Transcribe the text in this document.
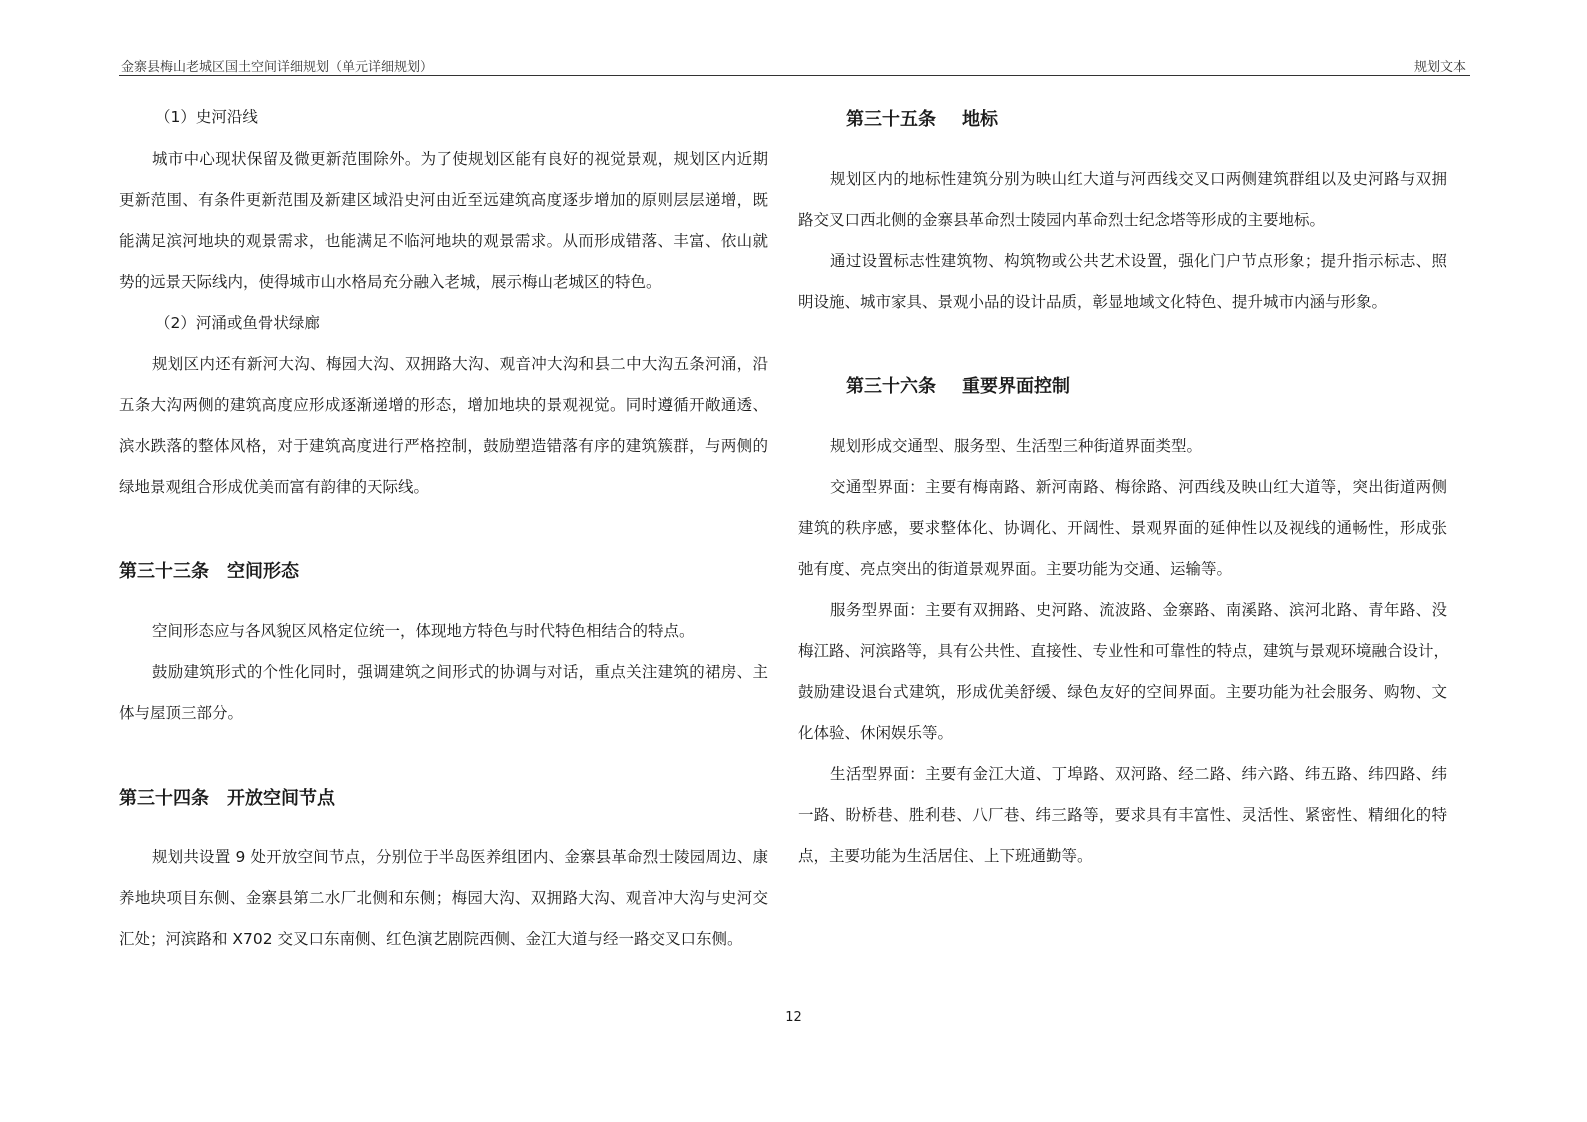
金寨县梅山老城区国土空间详细规划（单元详细规划）	规划文本
（1）史河沿线
城市中心现状保留及微更新范围除外。为了使规划区能有良好的视觉景观，规划区内近期
更新范围、有条件更新范围及新建区域沿史河由近至远建筑高度逐步增加的原则层层递增，既
能满足滨河地块的观景需求，也能满足不临河地块的观景需求。从而形成错落、丰富、依山就
势的远景天际线内，使得城市山水格局充分融入老城，展示梅山老城区的特色。
（2）河涌或鱼骨状绿廊
规划区内还有新河大沟、梅园大沟、双拥路大沟、观音冲大沟和县二中大沟五条河涌，沿
五条大沟两侧的建筑高度应形成逐渐递增的形态，增加地块的景观视觉。同时遵循开敞通透、
滨水跌落的整体风格，对于建筑高度进行严格控制，鼓励塑造错落有序的建筑簇群，与两侧的
绿地景观组合形成优美而富有韵律的天际线。
第三十三条 空间形态
空间形态应与各风貌区风格定位统一，体现地方特色与时代特色相结合的特点。
鼓励建筑形式的个性化同时，强调建筑之间形式的协调与对话，重点关注建筑的裙房、主
体与屋顶三部分。
第三十四条 开放空间节点
规划共设置 9 处开放空间节点，分别位于半岛医养组团内、金寨县革命烈士陵园周边、康
养地块项目东侧、金寨县第二水厂北侧和东侧；梅园大沟、双拥路大沟、观音冲大沟与史河交
汇处；河滨路和 X702 交叉口东南侧、红色演艺剧院西侧、金江大道与经一路交叉口东侧。
第三十五条 地标
规划区内的地标性建筑分别为映山红大道与河西线交叉口两侧建筑群组以及史河路与双拥
路交叉口西北侧的金寨县革命烈士陵园内革命烈士纪念塔等形成的主要地标。
通过设置标志性建筑物、构筑物或公共艺术设置，强化门户节点形象；提升指示标志、照
明设施、城市家具、景观小品的设计品质，彰显地域文化特色、提升城市内涵与形象。
第三十六条 重要界面控制
规划形成交通型、服务型、生活型三种街道界面类型。
交通型界面：主要有梅南路、新河南路、梅徐路、河西线及映山红大道等，突出街道两侧
建筑的秩序感，要求整体化、协调化、开阔性、景观界面的延伸性以及视线的通畅性，形成张
弛有度、亮点突出的街道景观界面。主要功能为交通、运输等。
服务型界面：主要有双拥路、史河路、流波路、金寨路、南溪路、滨河北路、青年路、没
梅江路、河滨路等，具有公共性、直接性、专业性和可靠性的特点，建筑与景观环境融合设计，
鼓励建设退台式建筑，形成优美舒缓、绿色友好的空间界面。主要功能为社会服务、购物、文
化体验、休闲娱乐等。
生活型界面：主要有金江大道、丁埠路、双河路、经二路、纬六路、纬五路、纬四路、纬
一路、盼桥巷、胜利巷、八厂巷、纬三路等，要求具有丰富性、灵活性、紧密性、精细化的特
点，主要功能为生活居住、上下班通勤等。
12
